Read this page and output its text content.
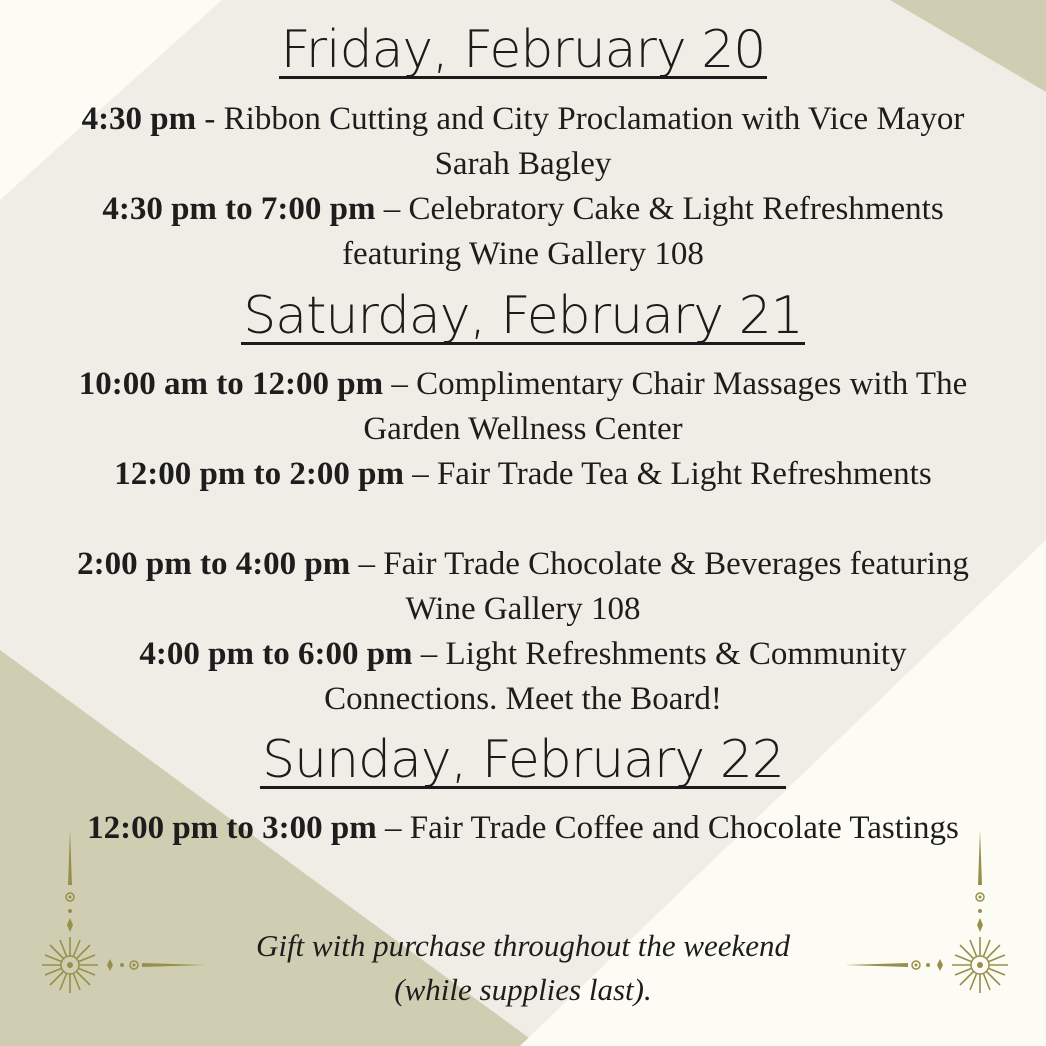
Friday, February 20
4:30 pm - Ribbon Cutting and City Proclamation with Vice Mayor Sarah Bagley
4:30 pm to 7:00 pm – Celebratory Cake & Light Refreshments featuring Wine Gallery 108
Saturday, February 21
10:00 am to 12:00 pm – Complimentary Chair Massages with The Garden Wellness Center
12:00 pm to 2:00 pm – Fair Trade Tea & Light Refreshments
2:00 pm to 4:00 pm – Fair Trade Chocolate & Beverages featuring Wine Gallery 108
4:00 pm to 6:00 pm – Light Refreshments & Community Connections. Meet the Board!
Sunday, February 22
12:00 pm to 3:00 pm – Fair Trade Coffee and Chocolate Tastings
Gift with purchase throughout the weekend
(while supplies last).
